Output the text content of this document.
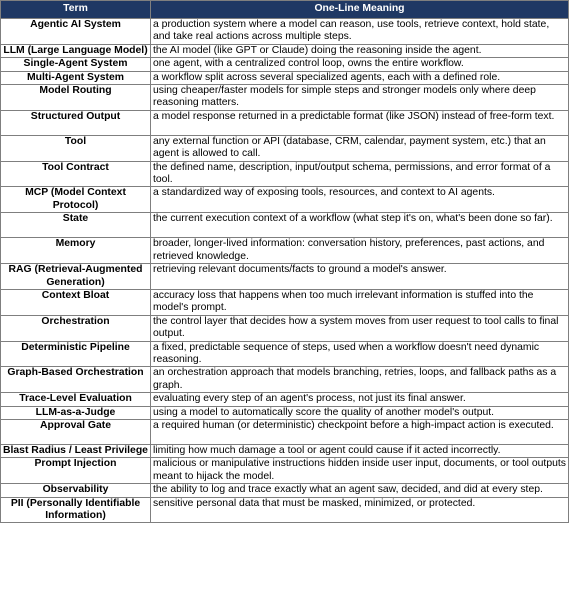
Term	One-Line Meaning
Agentic AI System	a production system where a model can reason, use tools, retrieve context, hold state, and take real actions across multiple steps.
LLM (Large Language Model)	the AI model (like GPT or Claude) doing the reasoning inside the agent.
Single-Agent System	one agent, with a centralized control loop, owns the entire workflow.
Multi-Agent System	a workflow split across several specialized agents, each with a defined role.
Model Routing	using cheaper/faster models for simple steps and stronger models only where deep reasoning matters.
Structured Output	a model response returned in a predictable format (like JSON) instead of free-form text.
Tool	any external function or API (database, CRM, calendar, payment system, etc.) that an agent is allowed to call.
Tool Contract	the defined name, description, input/output schema, permissions, and error format of a tool.
MCP (Model Context Protocol)	a standardized way of exposing tools, resources, and context to AI agents.
State	the current execution context of a workflow (what step it's on, what's been done so far).
Memory	broader, longer-lived information: conversation history, preferences, past actions, and retrieved knowledge.
RAG (Retrieval-Augmented Generation)	retrieving relevant documents/facts to ground a model's answer.
Context Bloat	accuracy loss that happens when too much irrelevant information is stuffed into the model's prompt.
Orchestration	the control layer that decides how a system moves from user request to tool calls to final output.
Deterministic Pipeline	a fixed, predictable sequence of steps, used when a workflow doesn't need dynamic reasoning.
Graph-Based Orchestration	an orchestration approach that models branching, retries, loops, and fallback paths as a graph.
Trace-Level Evaluation	evaluating every step of an agent's process, not just its final answer.
LLM-as-a-Judge	using a model to automatically score the quality of another model's output.
Approval Gate	a required human (or deterministic) checkpoint before a high-impact action is executed.
Blast Radius / Least Privilege	limiting how much damage a tool or agent could cause if it acted incorrectly.
Prompt Injection	malicious or manipulative instructions hidden inside user input, documents, or tool outputs meant to hijack the model.
Observability	the ability to log and trace exactly what an agent saw, decided, and did at every step.
PII (Personally Identifiable Information)	sensitive personal data that must be masked, minimized, or protected.
